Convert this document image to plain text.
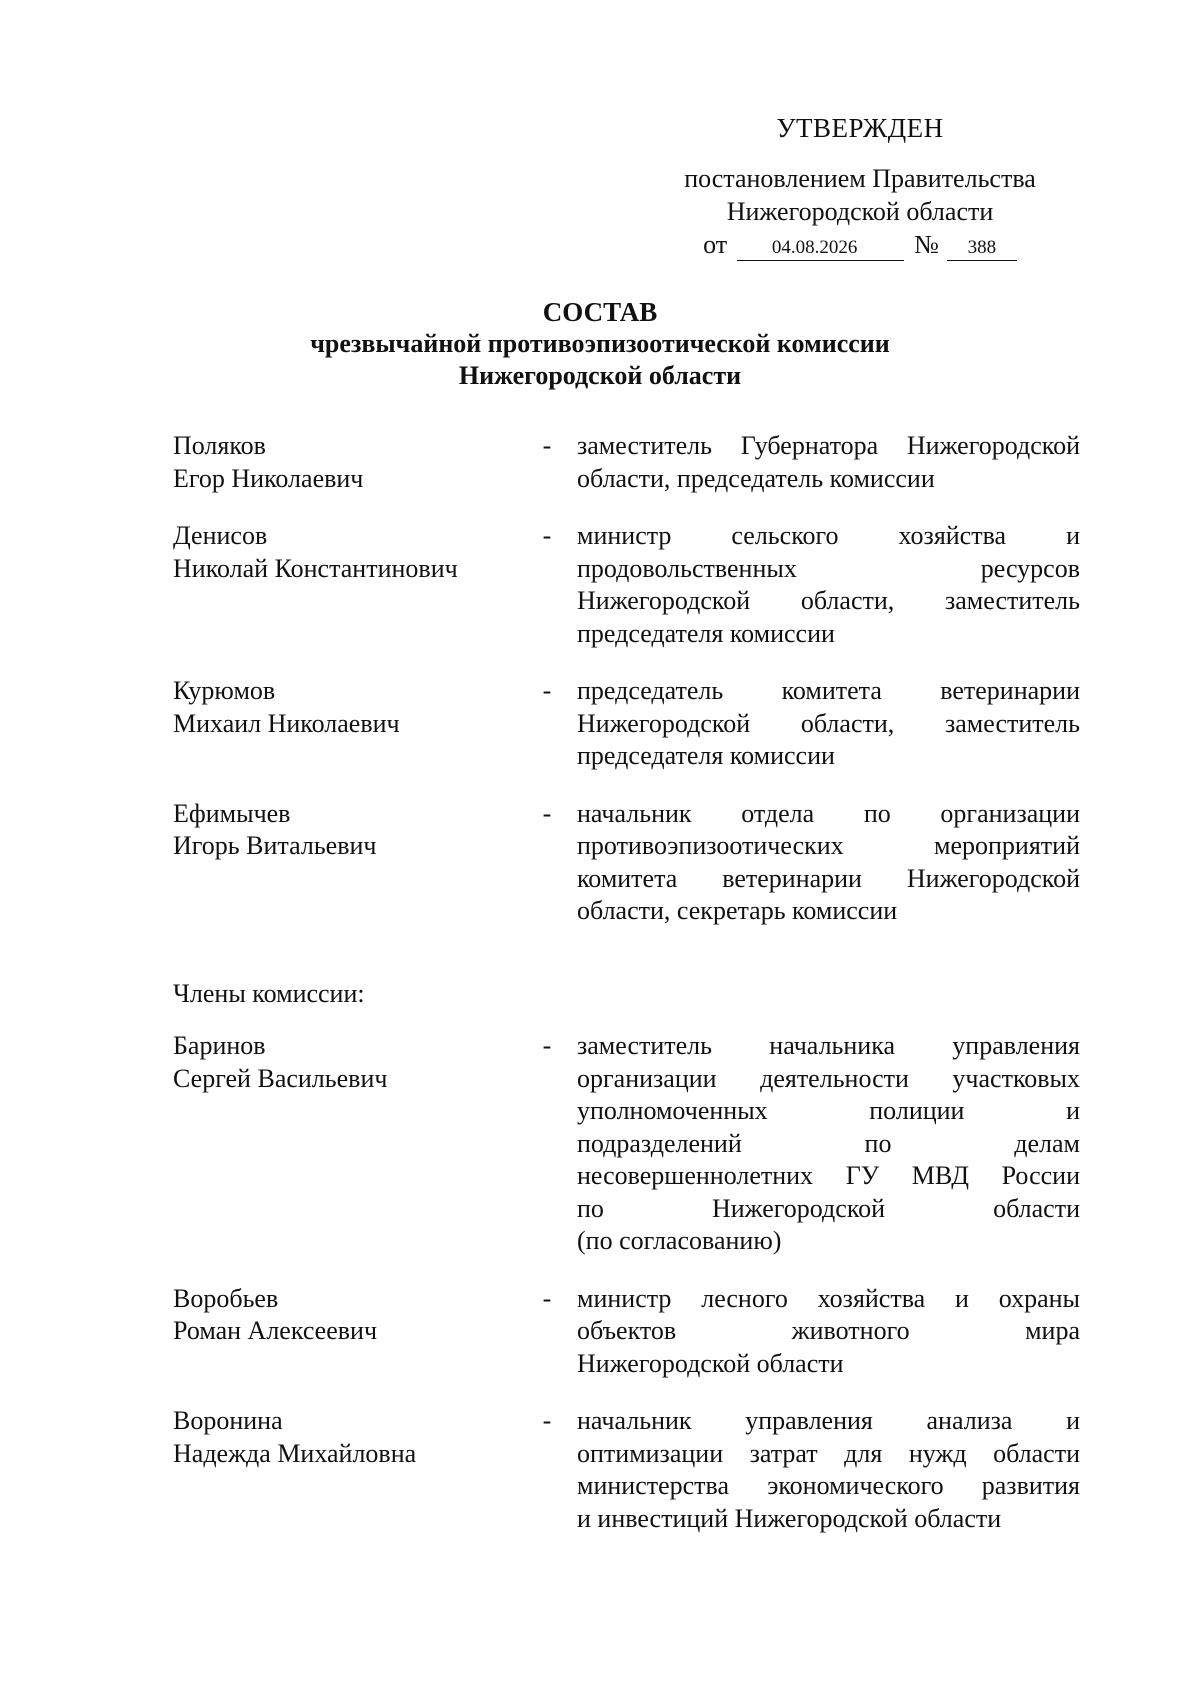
УТВЕРЖДЕН
постановлением Правительства
Нижегородской области
от 04.08.2026 № 388
СОСТАВ
чрезвычайной противоэпизоотической комиссии
Нижегородской области
Поляков
Егор Николаевич
- заместитель Губернатора Нижегородской
области, председатель комиссии
Денисов
Николай Константинович
- министр сельского хозяйства и
продовольственных ресурсов
Нижегородской области, заместитель
председателя комиссии
Курюмов
Михаил Николаевич
- председатель комитета ветеринарии
Нижегородской области, заместитель
председателя комиссии
Ефимычев
Игорь Витальевич
- начальник отдела по организации
противоэпизоотических мероприятий
комитета ветеринарии Нижегородской
области, секретарь комиссии
Члены комиссии:
Баринов
Сергей Васильевич
- заместитель начальника управления
организации деятельности участковых
уполномоченных полиции и
подразделений по делам
несовершеннолетних ГУ МВД России
по Нижегородской области
(по согласованию)
Воробьев
Роман Алексеевич
- министр лесного хозяйства и охраны
объектов животного мира
Нижегородской области
Воронина
Надежда Михайловна
- начальник управления анализа и
оптимизации затрат для нужд области
министерства экономического развития
и инвестиций Нижегородской области
